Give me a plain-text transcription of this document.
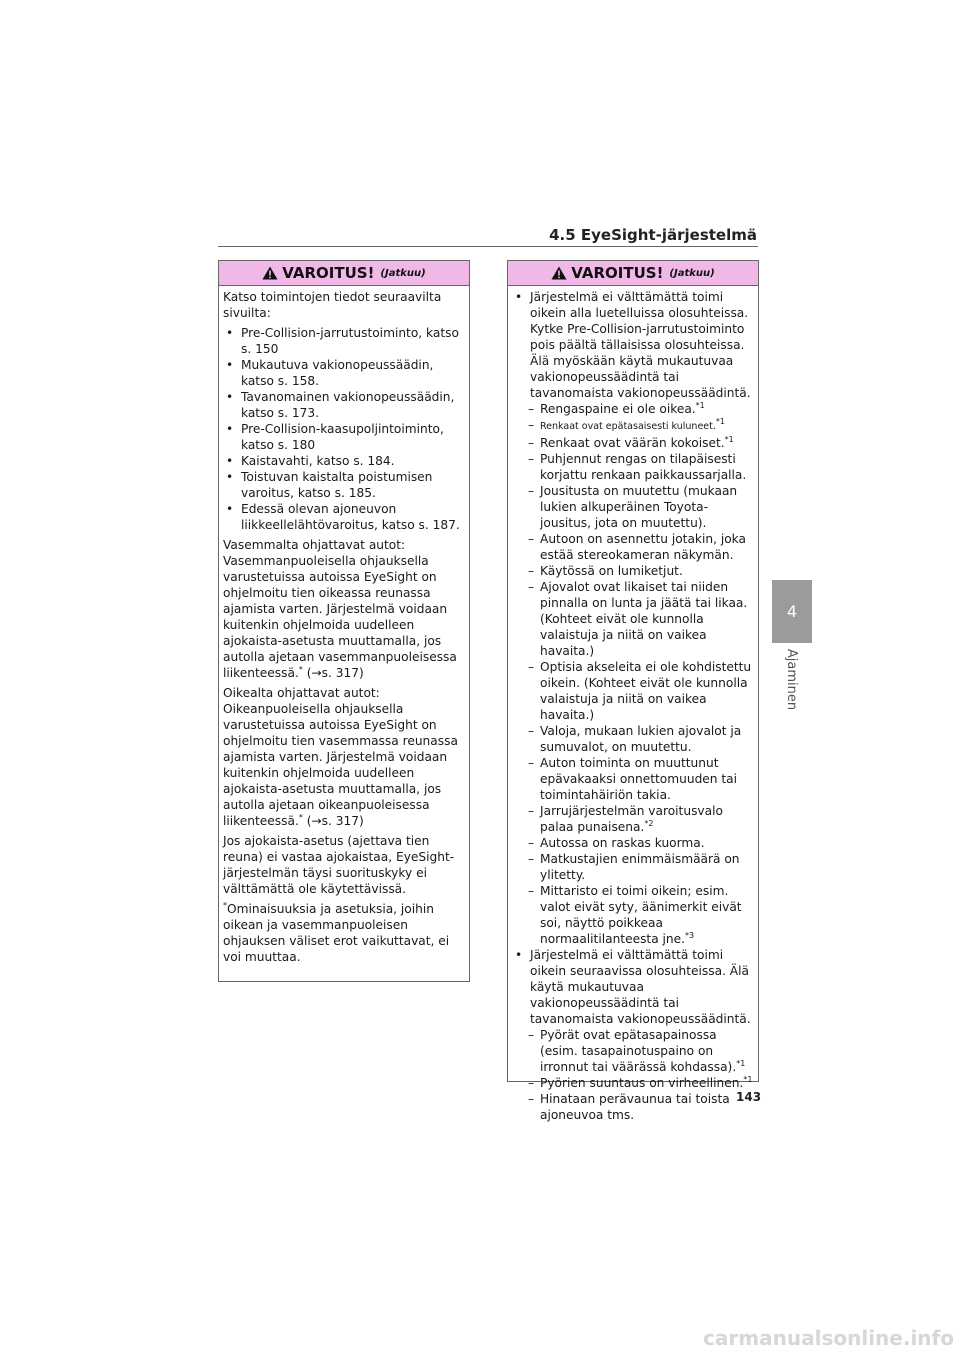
4.5 EyeSight-järjestelmä
4
Ajaminen
VAROITUS! (Jatkuu)

Katso toimintojen tiedot seuraavilta sivuilta:

• Pre-Collision-jarrutustoiminto, katso s. 150
• Mukautuva vakionopeussäädin, katso s. 158.
• Tavanomainen vakionopeussäädin, katso s. 173.
• Pre-Collision-kaasupoljintoiminto, katso s. 180
• Kaistavahti, katso s. 184.
• Toistuvan kaistalta poistumisen varoitus, katso s. 185.
• Edessä olevan ajoneuvon liikkeellelähtövaroitus, katso s. 187.

Vasemmalta ohjattavat autot: Vasemmanpuoleisella ohjauksella varustetuissa autoissa EyeSight on ohjelmoitu tien oikeassa reunassa ajamista varten. Järjestelmä voidaan kuitenkin ohjelmoida uudelleen ajokaista-asetusta muuttamalla, jos autolla ajetaan vasemmanpuoleisessa liikenteessä.* (→s. 317)

Oikealta ohjattavat autot: Oikeanpuoleisella ohjauksella varustetuissa autoissa EyeSight on ohjelmoitu tien vasemmassa reunassa ajamista varten. Järjestelmä voidaan kuitenkin ohjelmoida uudelleen ajokaista-asetusta muuttamalla, jos autolla ajetaan oikeanpuoleisessa liikenteessä.* (→s. 317)

Jos ajokaista-asetus (ajettava tien reuna) ei vastaa ajokaistaa, EyeSight-järjestelmän täysi suorituskyky ei välttämättä ole käytettävissä.

*Ominaisuuksia ja asetuksia, joihin oikean ja vasemmanpuoleisen ohjauksen väliset erot vaikuttavat, ei voi muuttaa.

VAROITUS! (Jatkuu)
• Järjestelmä ei välttämättä toimi oikein alla luetelluissa olosuhteissa. Kytke Pre-Collision-jarrutustoiminto pois päältä tällaisissa olosuhteissa. Älä myöskään käytä mukautuvaa vakionopeussäädintä tai tavanomaista vakionopeussäädintä.
– Rengaspaine ei ole oikea.$^{*1}$
– Renkaat ovat epätasaisesti kuluneet.$^{*1}$
– Renkaat ovat väärän kokoiset.$^{*1}$
– Puhjennut rengas on tilapäisesti korjattu renkaan paikkaussarjalla.
– Jousitusta on muutettu (mukaan lukien alkuperäinen Toyota-jousitus, jota on muutettu).
– Autoon on asennettu jotakin, joka estää stereokameran näkymän.
– Käytössä on lumiketjut.
– Ajovalot ovat likaiset tai niiden pinnalla on lunta ja jäätä tai likaa. (Kohteet eivät ole kunnolla valaistuja ja niitä on vaikea havaita.)
– Optisia akseleita ei ole kohdistettu oikein. (Kohteet eivät ole kunnolla valaistuja ja niitä on vaikea havaita.)
– Valoja, mukaan lukien ajovalot ja sumuvalot, on muutettu.
– Auton toiminta on muuttunut epävakaaksi onnettomuuden tai toimintahäiriön takia.
– Jarrujärjestelmän varoitusvalo palaa punaisena.$^{*2}$
– Autossa on raskas kuorma.
– Matkustajien enimmäismäärä on ylitetty.
– Mittaristo ei toimi oikein; esim. valot eivät syty, äänimerkit eivät soi, näyttö poikkeaa normaalitilanteesta jne.$^{*3}$
• Järjestelmä ei välttämättä toimi oikein seuraavissa olosuhteissa. Älä käytä mukautuvaa vakionopeussäädintä tai tavanomaista vakionopeussäädintä.
– Pyörät ovat epätasapainossa (esim. tasapainotuspaino on irronnut tai väärässä kohdassa).$^{*1}$
– Pyörien suuntaus on virheellinen.$^{*1}$
– Hinataan perävaunua tai toista ajoneuvoa tms.
143
carmanualsonline.info
